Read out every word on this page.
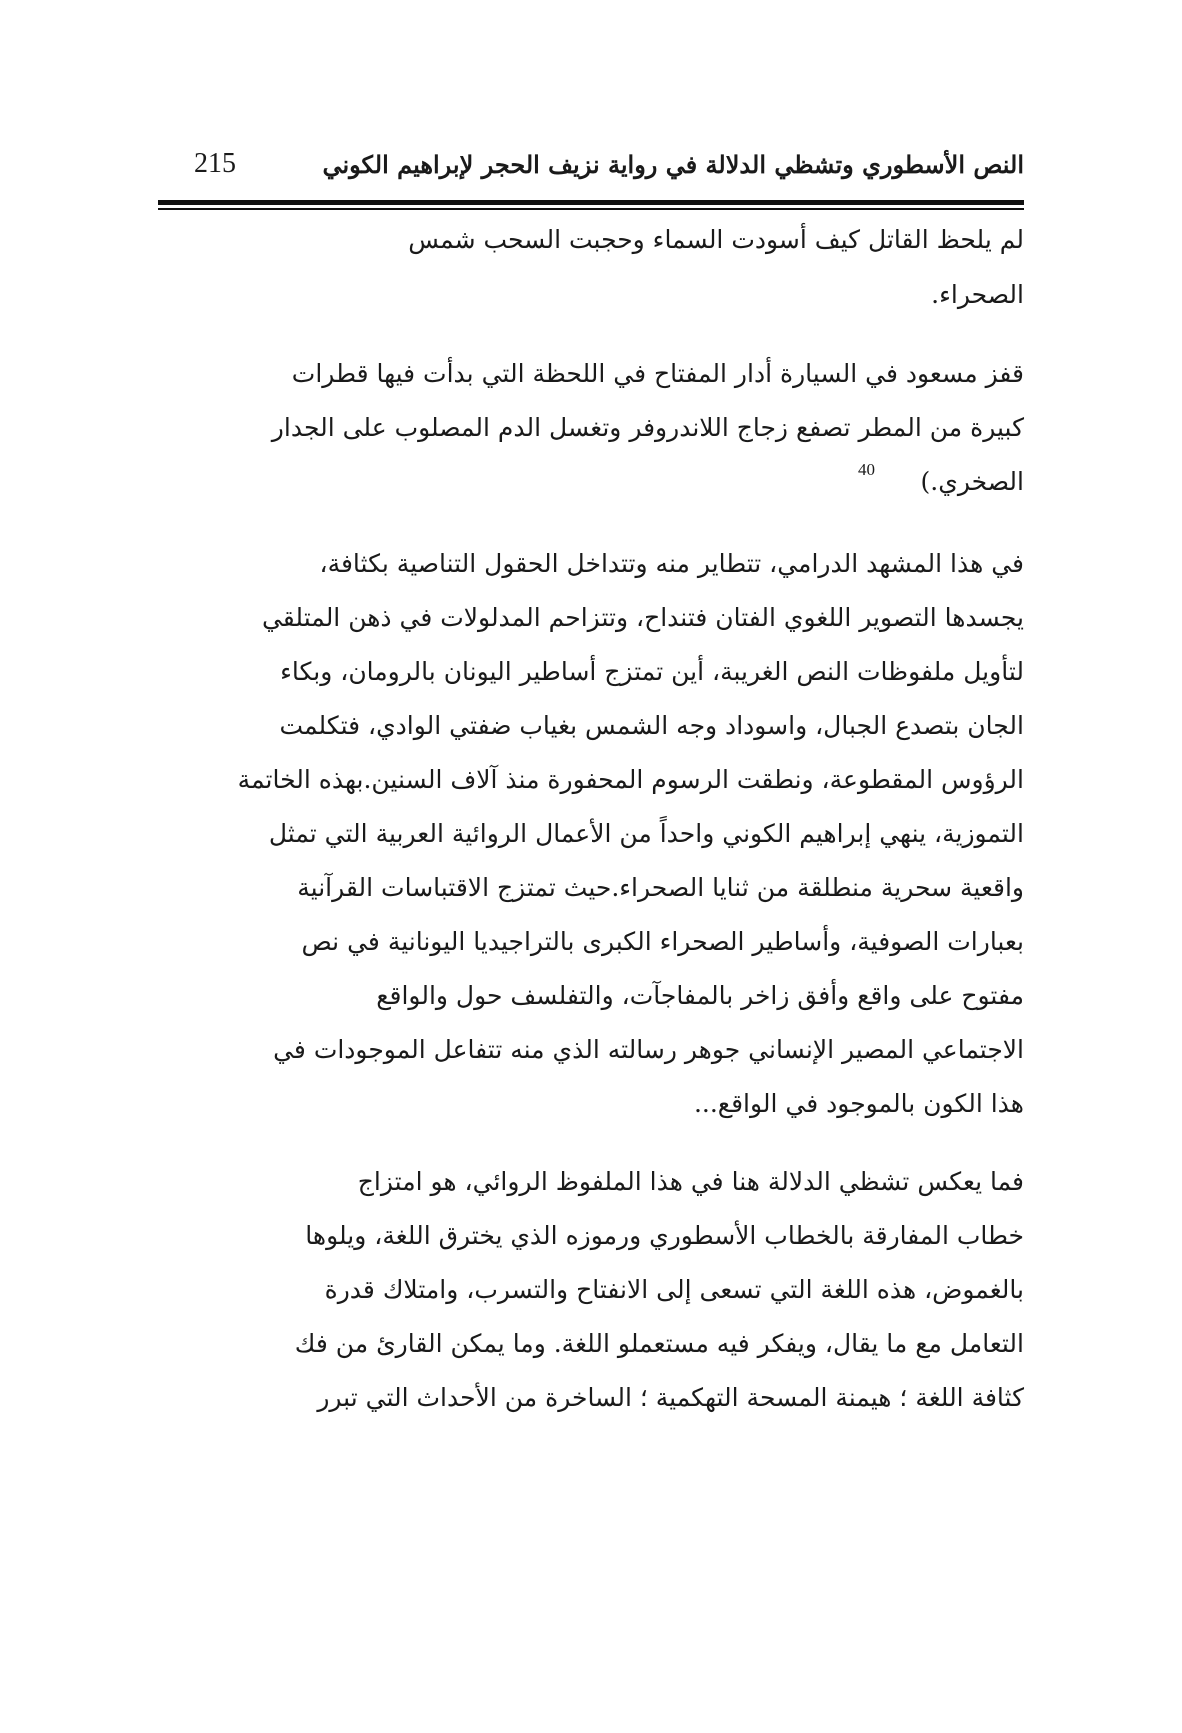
النص الأسطوري وتشظي الدلالة في رواية نزيف الحجر لإبراهيم الكوني
215
لم يلحظ القاتل كيف أسودت السماء وحجبت السحب شمس
الصحراء.
قفز مسعود في السيارة أدار المفتاح في اللحظة التي بدأت فيها قطرات
كبيرة من المطر تصفع زجاج اللاندروفر وتغسل الدم المصلوب على الجدار
الصخري.)
40
في هذا المشهد الدرامي، تتطاير منه وتتداخل الحقول التناصية بكثافة،
يجسدها التصوير اللغوي الفتان فتنداح، وتتزاحم المدلولات في ذهن المتلقي
لتأويل ملفوظات النص الغريبة، أين تمتزج أساطير اليونان بالرومان، وبكاء
الجان بتصدع الجبال، واسوداد وجه الشمس بغياب ضفتي الوادي، فتكلمت
الرؤوس المقطوعة، ونطقت الرسوم المحفورة منذ آلاف السنين.بهذه الخاتمة
التموزية، ينهي إبراهيم الكوني واحداً من الأعمال الروائية العربية التي تمثل
واقعية سحرية منطلقة من ثنايا الصحراء.حيث تمتزج الاقتباسات القرآنية
بعبارات الصوفية، وأساطير الصحراء الكبرى بالتراجيديا اليونانية في نص
مفتوح على واقع وأفق زاخر بالمفاجآت، والتفلسف حول والواقع
الاجتماعي المصير الإنساني جوهر رسالته الذي منه تتفاعل الموجودات في
هذا الكون بالموجود في الواقع...
فما يعكس تشظي الدلالة هنا في هذا الملفوظ الروائي، هو امتزاج
خطاب المفارقة بالخطاب الأسطوري ورموزه الذي يخترق اللغة، ويلوها
بالغموض، هذه اللغة التي تسعى إلى الانفتاح والتسرب، وامتلاك قدرة
التعامل مع ما يقال، ويفكر فيه مستعملو اللغة. وما يمكن القارئ من فك
كثافة اللغة ؛ هيمنة المسحة التهكمية ؛ الساخرة من الأحداث التي تبرر
